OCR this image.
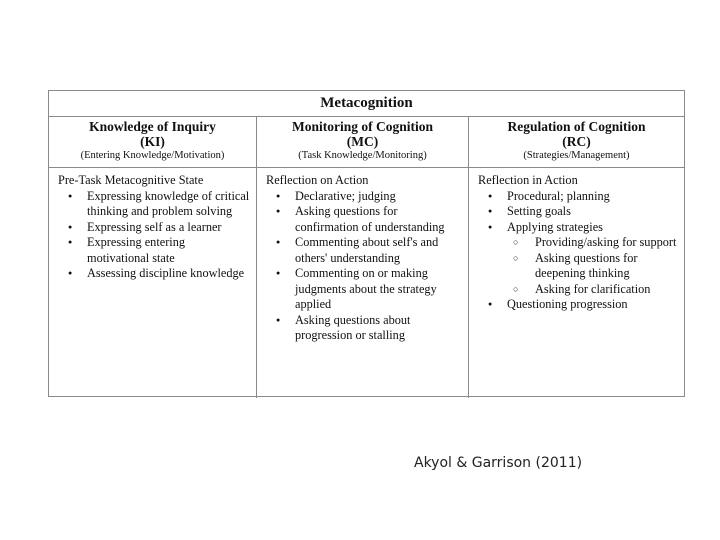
Metacognition
Knowledge of Inquiry
(KI)
(Entering Knowledge/Motivation)
Monitoring of Cognition
(MC)
(Task Knowledge/Monitoring)
Regulation of Cognition
(RC)
(Strategies/Management)
Pre-Task Metacognitive State
● Expressing knowledge of critical thinking and problem solving
● Expressing self as a learner
● Expressing entering motivational state
● Assessing discipline knowledge
Reflection on Action
● Declarative; judging
● Asking questions for confirmation of understanding
● Commenting about self's and others' understanding
● Commenting on or making judgments about the strategy applied
● Asking questions about progression or stalling
Reflection in Action
● Procedural; planning
● Setting goals
● Applying strategies
○ Providing/asking for support
○ Asking questions for deepening thinking
○ Asking for clarification
● Questioning progression
Akyol & Garrison (2011)
